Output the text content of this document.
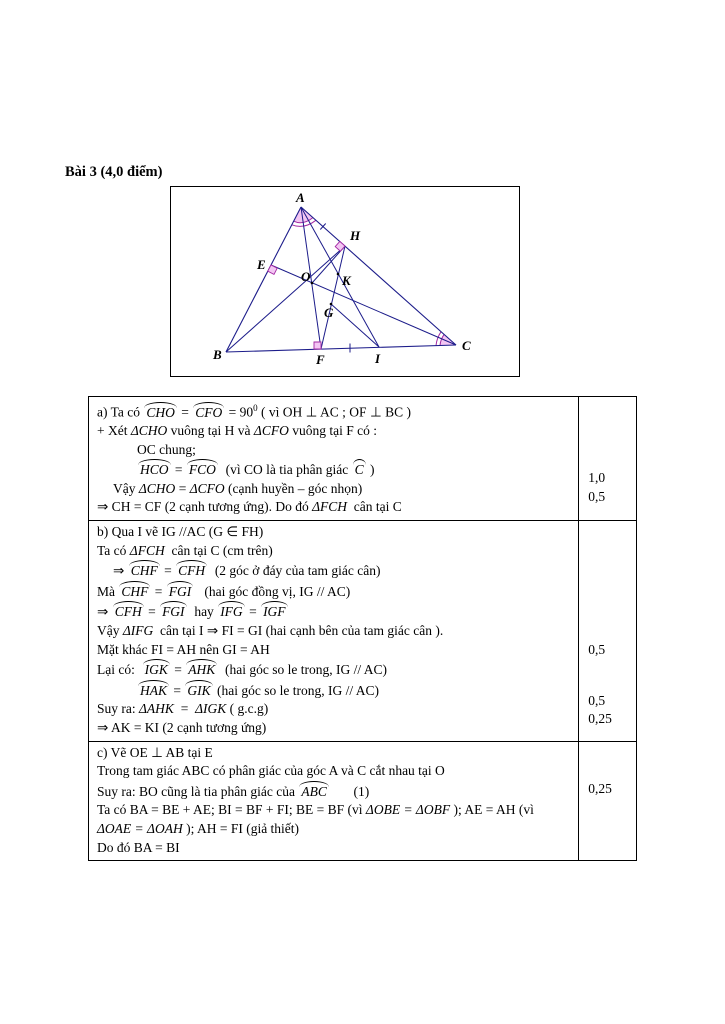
Bài 3 (4,0 điểm)
A
B
C
E
H
O K
G
F	I
a) Ta có CHO = CFO = $90^0$ ( vì OH ⊥ AC ; OF ⊥ BC )
+ Xét ΔCHO vuông tại H và ΔCFO vuông tại F có :
OC chung;
HCO = FCO  (vì CO là tia phân giác C )
Vậy ΔCHO = ΔCFO (cạnh huyền – góc nhọn)
⇒ CH = CF (2 cạnh tương ứng). Do đó ΔFCH  cân tại C
1,0
0,5
b) Qua I vẽ IG //AC (G ∈ FH)
Ta có ΔFCH  cân tại C (cm trên)
⇒ CHF = CFH  (2 góc ở đáy của tam giác cân)
Mà CHF = FGI   (hai góc đồng vị, IG // AC)
⇒ CFH = FGI  hay IFG = IGF
Vậy ΔIFG  cân tại I ⇒ FI = GI (hai cạnh bên của tam giác cân ).
Mặt khác FI = AH nên GI = AH
Lại có:  IGK = AHK  (hai góc so le trong, IG // AC)
HAK = GIK (hai góc so le trong, IG // AC)
Suy ra: ΔAHK  =  ΔIGK ( g.c.g)
⇒ AK = KI (2 cạnh tương ứng)
0,5
0,5
0,25
c) Vẽ OE ⊥ AB tại E
Trong tam giác ABC có phân giác của góc A và C cắt nhau tại O
Suy ra: BO cũng là tia phân giác của ABC       (1)
Ta có BA = BE + AE; BI = BF + FI; BE = BF (vì ΔOBE = ΔOBF ); AE = AH (vì
ΔOAE = ΔOAH ); AH = FI (giả thiết)
Do đó BA = BI
0,25
